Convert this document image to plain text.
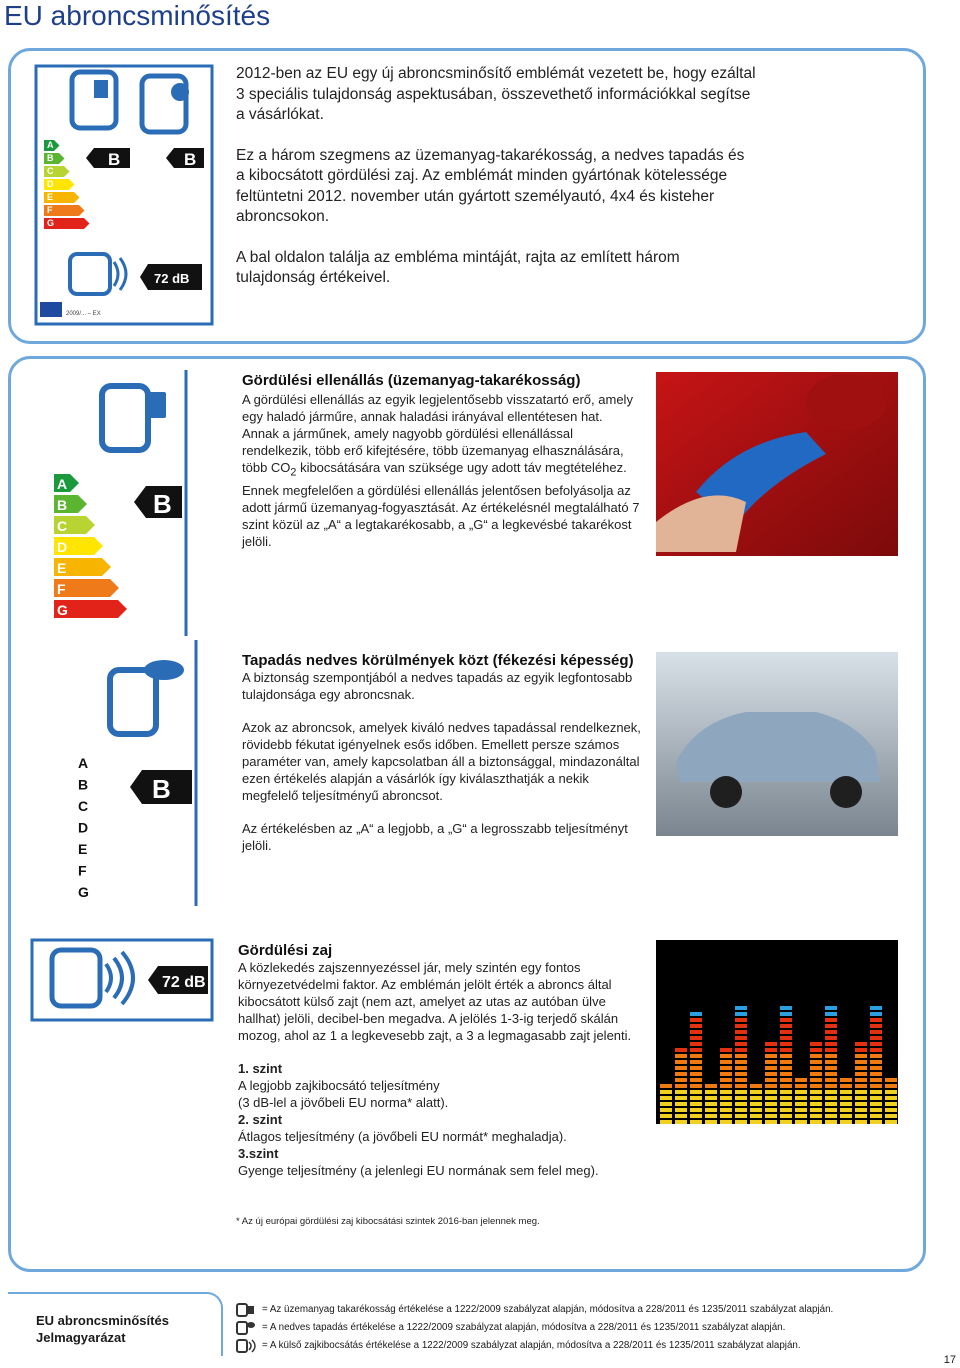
EU abroncsminősítés
A
B
C
D
E
F
G
B	B
72 dB
2009/... – EX

2012-ben az EU egy új abroncsminősítő emblémát vezetett be, hogy ezáltal 3 speciális tulajdonság aspektusában, összevethető információkkal segítse a vásárlókat.

Ez a három szegmens az üzemanyag-takarékosság, a nedves tapadás és a kibocsátott gördülési zaj. Az emblémát minden gyártónak kötelessége feltüntetni 2012. november után gyártott személyautó, 4x4 és kisteher abroncsokon.

A bal oldalon találja az embléma mintáját, rajta az említett három tulajdonság értékeivel.

A
B
C
D
E
F
G
B
Gördülési ellenállás (üzemanyag-takarékosság)

A gördülési ellenállás az egyik legjelentősebb visszatartó erő, amely egy haladó járműre, annak haladási irányával ellentétesen hat. Annak a járműnek, amely nagyobb gördülési ellenállással rendelkezik, több erő kifejtésére, több üzemanyag elhasználására, több $CO_2$ kibocsátására van szüksége ugy adott táv megtételéhez. Ennek megfelelően a gördülési ellenállás jelentősen befolyásolja az adott jármű üzemanyag-fogyasztását. Az értékelésnél megtalálható 7 szint közül az „A“ a legtakarékosabb, a „G“ a legkevésbé takarékost jelöli.

A
B
C
D
E
F
G
B
Tapadás nedves körülmények közt (fékezési képesség)

A biztonság szempontjából a nedves tapadás az egyik legfontosabb tulajdonsága egy abroncsnak.

Azok az abroncsok, amelyek kiváló nedves tapadással rendelkeznek, rövidebb fékutat igényelnek esős időben. Emellett persze számos paraméter van, amely kapcsolatban áll a biztonsággal, mindazonáltal ezen értékelés alapján a vásárlók így kiválaszthatják a nekik megfelelő teljesítményű abroncsot.

Az értékelésben az „A“ a legjobb, a „G“ a legrosszabb teljesítményt jelöli.

72 dB
Gördülési zaj

A közlekedés zajszennyezéssel jár, mely szintén egy fontos környezetvédelmi faktor. Az emblémán jelölt érték a abroncs által kibocsátott külső zajt (nem azt, amelyet az utas az autóban ülve hallhat) jelöli, decibel-ben megadva. A jelölés 1-3-ig terjedő skálán mozog, ahol az 1 a legkevesebb zajt, a 3 a legmagasabb zajt jelenti.

1. szint
A legjobb zajkibocsátó teljesítmény
(3 dB-lel a jövőbeli EU norma* alatt).
2. szint
Átlagos teljesítmény (a jövőbeli EU normát* meghaladja).
3.szint
Gyenge teljesítmény (a jelenlegi EU normának sem felel meg).
* Az új európai gördülési zaj kibocsátási szintek 2016-ban jelennek meg.
EU abroncsminősítés
Jelmagyarázat
= Az üzemanyag takarékosság értékelése a 1222/2009 szabályzat alapján, módosítva a 228/2011 és 1235/2011 szabályzat alapján.
= A nedves tapadás értékelése a 1222/2009 szabályzat alapján, módosítva a 228/2011 és 1235/2011 szabályzat alapján.
= A külső zajkibocsátás értékelése a 1222/2009 szabályzat alapján, módosítva a 228/2011 és 1235/2011 szabályzat alapján.
17
